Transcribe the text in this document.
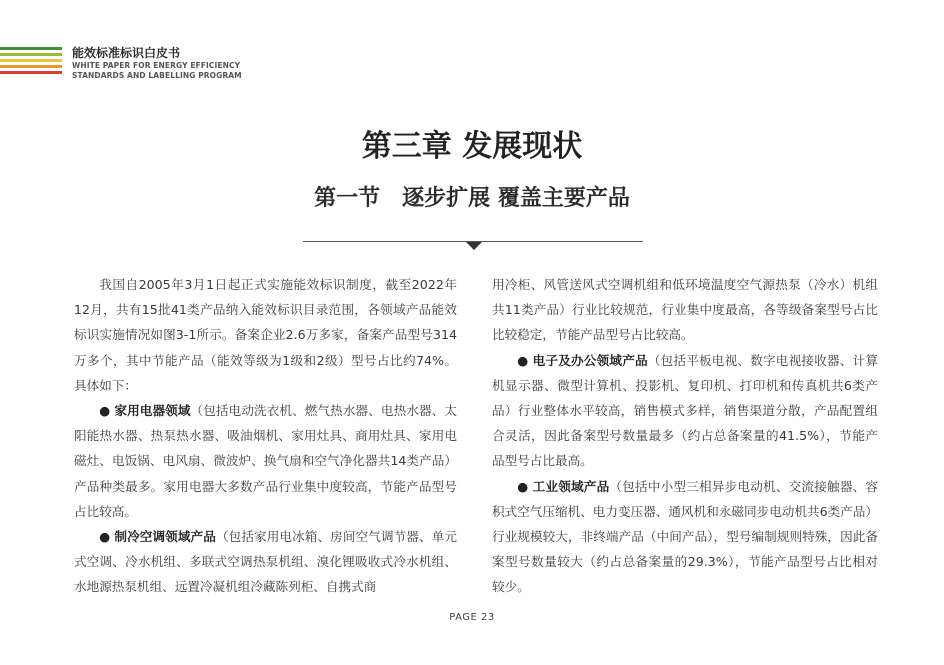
能效标准标识白皮书
WHITE PAPER FOR ENERGY EFFICIENCY
STANDARDS AND LABELLING PROGRAM
第三章 发展现状
第一节　逐步扩展 覆盖主要产品

我国自2005年3月1日起正式实施能效标识制度，截至2022年12月，共有15批41类产品纳入能效标识目录范围，各领域产品能效标识实施情况如图3-1所示。备案企业2.6万多家，备案产品型号314万多个，其中节能产品（能效等级为1级和2级）型号占比约74%。具体如下：

● 家用电器领域（包括电动洗衣机、燃气热水器、电热水器、太阳能热水器、热泵热水器、吸油烟机、家用灶具、商用灶具、家用电磁灶、电饭锅、电风扇、微波炉、换气扇和空气净化器共14类产品）产品种类最多。家用电器大多数产品行业集中度较高，节能产品型号占比较高。

● 制冷空调领域产品（包括家用电冰箱、房间空气调节器、单元式空调、冷水机组、多联式空调热泵机组、溴化锂吸收式冷水机组、水地源热泵机组、远置冷凝机组冷藏陈列柜、自携式商

用冷柜、风管送风式空调机组和低环境温度空气源热泵（冷水）机组共11类产品）行业比较规范，行业集中度最高，各等级备案型号占比比较稳定，节能产品型号占比较高。

● 电子及办公领域产品（包括平板电视、数字电视接收器、计算机显示器、微型计算机、投影机、复印机、打印机和传真机共6类产品）行业整体水平较高，销售模式多样，销售渠道分散，产品配置组合灵活，因此备案型号数量最多（约占总备案量的41.5%），节能产品型号占比最高。

● 工业领域产品（包括中小型三相异步电动机、交流接触器、容积式空气压缩机、电力变压器、通风机和永磁同步电动机共6类产品）行业规模较大，非终端产品（中间产品），型号编制规则特殊，因此备案型号数量较大（约占总备案量的29.3%），节能产品型号占比相对较少。

PAGE 23
